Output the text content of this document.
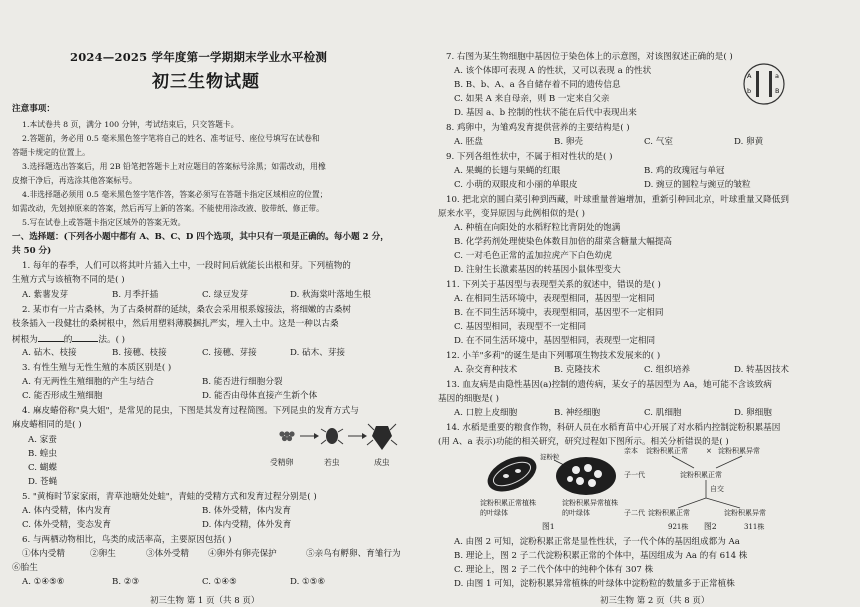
2024—2025 学年度第一学期期末学业水平检测
初三生物试题
注意事项：
1.本试卷共 8 页，满分 100 分钟，考试结束后，只交答题卡。
2.答题前，务必用 0.5 毫米黑色签字笔将自己的姓名、准考证号、座位号填写在试卷和
答题卡规定的位置上。
3.选择题选出答案后，用 2B 铅笔把答题卡上对应题目的答案标号涂黑；如需改动，用橡
皮擦干净后，再选涂其他答案标号。
4.非选择题必须用 0.5 毫米黑色签字笔作答，答案必须写在答题卡指定区域相应的位置；
如需改动，先划掉原来的答案，然后再写上新的答案。不能使用涂改液、胶带纸、修正带。
5.写在试卷上或答题卡指定区域外的答案无效。
一、选择题：(下列各小题中都有 A、B、C、D 四个选项，其中只有一项是正确的。每小题 2 分，
共 50 分)
1. 每年的春季，人们可以将其叶片插入土中，一段时间后就能长出根和芽。下列植物的
生殖方式与该植物不同的是( )
A. 紫薯发芽	B. 月季扦插	C. 绿豆发芽	D. 秋海棠叶落地生根
2. 某市有一片古桑林，为了古桑树群的延续，桑农会采用根系嫁接法，将细嫩的古桑树
枝条插入一段健壮的桑树根中，然后用塑料薄膜捆扎严实，埋入土中。这是一种以古桑
树根为	的	法。( )
A. 砧木、枝接	B. 接穗、枝接	C. 接穗、芽接	D. 砧木、芽接
3. 有性生殖与无性生殖的本质区别是( )
A. 有无两性生殖细胞的产生与结合	B. 能否进行细胞分裂
C. 能否形成生殖细胞	D. 能否由母体直接产生新个体
4. 麻皮蝽俗称"臭大姐"，是常见的昆虫，下图是其发育过程简图。下列昆虫的发育方式与
麻皮蝽相同的是( )
A. 家蚕
B. 蝗虫
C. 蝴蝶
D. 苍蝇
受精卵	若虫	成虫
5. "黄梅时节家家雨，青草池塘处处蛙"，青蛙的受精方式和发育过程分别是( )
A. 体内受精，体内发育	B. 体外受精，体内发育
C. 体外受精，变态发育	D. 体内受精，体外发育
6. 与两栖动物相比，鸟类的成活率高，主要原因包括( )
①体内受精	②卵生	③体外受精 ④卵外有卵壳保护	⑤亲鸟有孵卵、育雏行为
⑥胎生
A. ①④⑤⑥	B. ②③	C. ①④⑤	D. ①⑤⑥
初三生物 第 1 页（共 8 页）
7. 右图为某生物细胞中基因位于染色体上的示意图，对该图叙述正确的是( )
A. 该个体即可表现 A 的性状，又可以表现 a 的性状
B. B、b、A、a 各自储存着不同的遗传信息
C. 如果 A 来自母亲，则 B 一定来自父亲
D. 基因 a、b 控制的性状不能在后代中表现出来
A	a
b	B
8. 鸡卵中，为雏鸡发育提供营养的主要结构是( )
A. 胚盘	B. 卵壳	C. 气室	D. 卵黄
9. 下列各组性状中，不属于相对性状的是( )
A. 果蝇的长翅与果蝇的红眼	B. 鸡的玫瑰冠与单冠
C. 小萌的双眼皮和小丽的单眼皮	D. 豌豆的圆粒与豌豆的皱粒
10. 把北京的圆白菜引种到西藏，叶球重量普遍增加，重新引种回北京，叶球重量又降低到
原来水平，变异原因与此例相似的是( )
A. 种植在向阳处的水稻籽粒比背阴处的饱满
B. 化学药剂处理使染色体数目加倍的甜菜含糖量大幅提高
C. 一对毛色正常的孟加拉虎产下白色幼虎
D. 注射生长激素基因的转基因小鼠体型变大
11. 下列关于基因型与表现型关系的叙述中，错误的是( )
A. 在相同生活环境中，表现型相同，基因型一定相同
B. 在不同生活环境中，表现型相同，基因型不一定相同
C. 基因型相同，表现型不一定相同
D. 在不同生活环境中，基因型相同，表现型一定相同
12. 小羊"多莉"的诞生是由下列哪项生物技术发展来的( )
A. 杂交育种技术	B. 克隆技术	C. 组织培养	D. 转基因技术
13. 血友病是由隐性基因(a)控制的遗传病，某女子的基因型为 Aa，她可能不含该致病
基因的细胞是( )
A. 口腔上皮细胞	B. 神经细胞	C. 肌细胞	D. 卵细胞
14. 水稻是重要的粮食作物，科研人员在水稻育苗中心开展了对水稻内控制淀粉积累基因
(用 A、a 表示)功能的相关研究，研究过程如下图所示。相关分析错误的是( )
淀粉粒
淀粉积累正常植株
的叶绿体
淀粉积累异常植株
的叶绿体
图1
亲本 淀粉积累正常	× 淀粉积累异常
子一代	淀粉积累正常
自交
子二代 淀粉积累正常	淀粉积累异常
921株	311株
图2
A. 由图 2 可知，淀粉积累正常是显性性状，子一代个体的基因组成都为 Aa
B. 理论上，图 2 子二代淀粉积累正常的个体中，基因组成为 Aa 的有 614 株
C. 理论上，图 2 子二代个体中的纯种个体有 307 株
D. 由图 1 可知，淀粉积累异常植株的叶绿体中淀粉粒的数量多于正常植株
初三生物 第 2 页（共 8 页）
